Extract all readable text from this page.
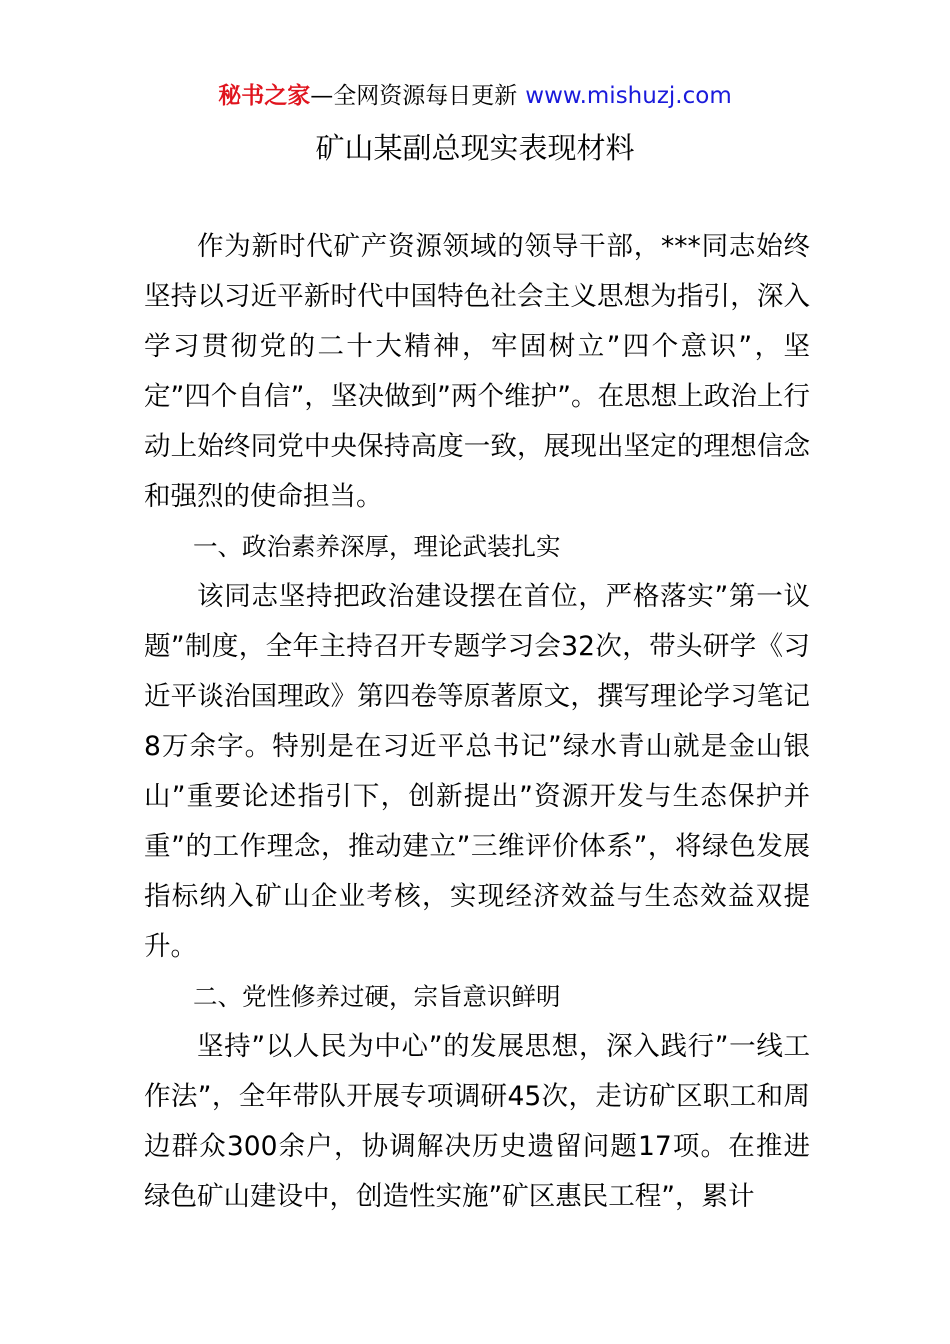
秘书之家—全网资源每日更新 www.mishuzj.com
矿山某副总现实表现材料

作为新时代矿产资源领域的领导干部，***同志始终坚持以习近平新时代中国特色社会主义思想为指引，深入学习贯彻党的二十大精神，牢固树立”四个意识”，坚定”四个自信”，坚决做到”两个维护”。在思想上政治上行动上始终同党中央保持高度一致，展现出坚定的理想信念和强烈的使命担当。

一、政治素养深厚，理论武装扎实

该同志坚持把政治建设摆在首位，严格落实”第一议题”制度，全年主持召开专题学习会32次，带头研学《习近平谈治国理政》第四卷等原著原文，撰写理论学习笔记8万余字。特别是在习近平总书记”绿水青山就是金山银山”重要论述指引下，创新提出”资源开发与生态保护并重”的工作理念，推动建立”三维评价体系”，将绿色发展指标纳入矿山企业考核，实现经济效益与生态效益双提升。

二、党性修养过硬，宗旨意识鲜明

坚持”以人民为中心”的发展思想，深入践行”一线工作法”，全年带队开展专项调研45次，走访矿区职工和周边群众300余户，协调解决历史遗留问题17项。在推进绿色矿山建设中，创造性实施”矿区惠民工程”，累计
